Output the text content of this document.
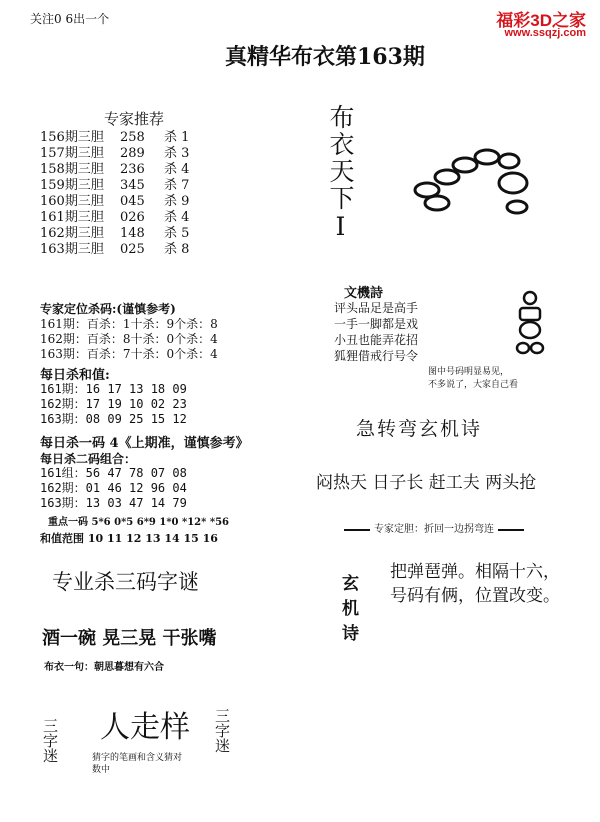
关注0 6出一个	福彩3D之家
www.ssqzj.com
真精华布衣第163期
专家推荐
156期三胆 258 杀 1
157期三胆 289 杀 3
158期三胆 236 杀 4
159期三胆 345 杀 7
160期三胆 045 杀 9
161期三胆 026 杀 4
162期三胆 148 杀 5
163期三胆 025 杀 8
专家定位杀码:(谨慎参考)
161期：百杀：1十杀：9个杀：8
162期：百杀：8十杀：0个杀：4
163期：百杀：7十杀：0个杀：4
每日杀和值:
161期：16 17 13 18 09
162期：17 19 10 02 23
163期：08 09 25 15 12
每日杀一码 4《上期准，谨慎参考》
每日杀二码组合：
161组：56 47 78 07 08
162期：01 46 12 96 04
163期：13 03 47 14 79
重点一码 5*6 0*5 6*9 1*0 *12* *56
和值范围 10 11 12 13 14 15 16
专业杀三码字谜
酒一碗 晃三晃 干张嘴
布衣一句：朝思暮想有六合
三字迷 人走样 三字迷
猜字的笔画和含义猜对数中
布衣天下Ⅰ
文機詩
评头品足是高手
一手一脚都是戏
小丑也能弄花招
狐狸借戒行号令
图中号码明显易见，
不多说了，大家自己看
急转弯玄机诗
闷热天 日子长 赶工夫 两头抢
专家定胆：折回一边拐弯连
玄机诗
把弹琶弹。相隔十六，
号码有俩，位置改变。
